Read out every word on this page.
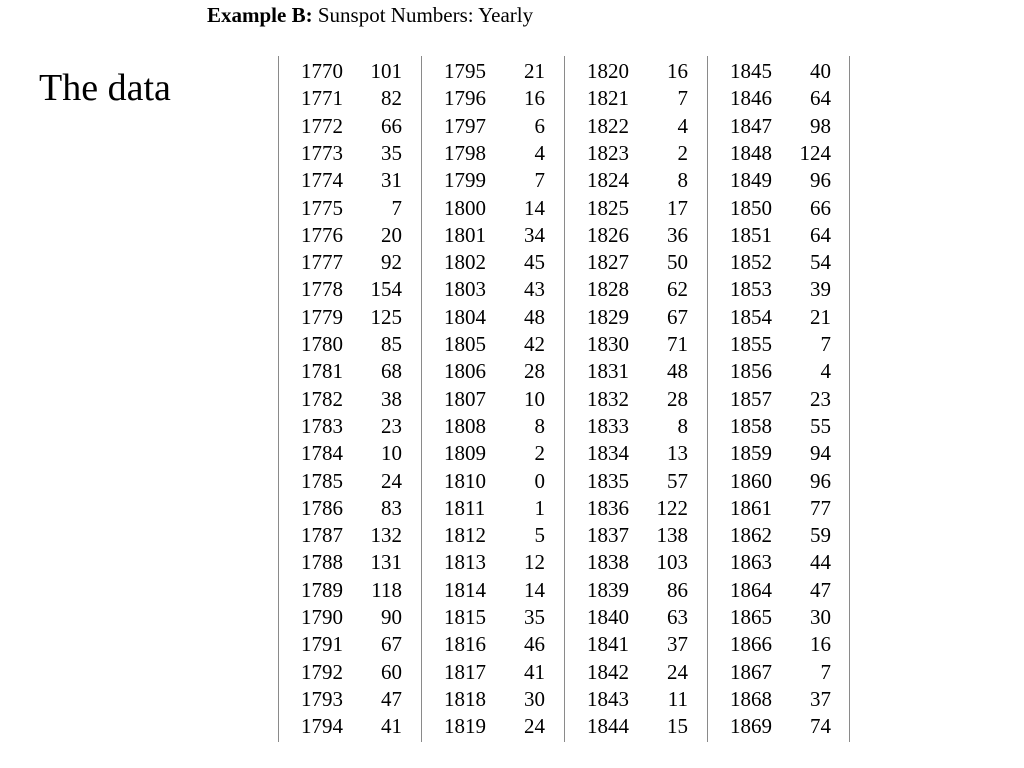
Example B: Sunspot Numbers: Yearly
The data	1770 101
1771 82
1772 66
1773 35
1774 31
1775 7
1776 20
1777 92
1778 154
1779 125
1780 85
1781 68
1782 38
1783 23
1784 10
1785 24
1786 83
1787 132
1788 131
1789 118
1790 90
1791 67
1792 60
1793 47
1794 41
1795 21
1796 16
1797 6
1798 4
1799 7
1800 14
1801 34
1802 45
1803 43
1804 48
1805 42
1806 28
1807 10
1808 8
1809 2
1810 0
1811 1
1812 5
1813 12
1814 14
1815 35
1816 46
1817 41
1818 30
1819 24
1820 16
1821 7
1822 4
1823 2
1824 8
1825 17
1826 36
1827 50
1828 62
1829 67
1830 71
1831 48
1832 28
1833 8
1834 13
1835 57
1836 122
1837 138
1838 103
1839 86
1840 63
1841 37
1842 24
1843 11
1844 15
1845 40
1846 64
1847 98
1848 124
1849 96
1850 66
1851 64
1852 54
1853 39
1854 21
1855 7
1856 4
1857 23
1858 55
1859 94
1860 96
1861 77
1862 59
1863 44
1864 47
1865 30
1866 16
1867 7
1868 37
1869 74
